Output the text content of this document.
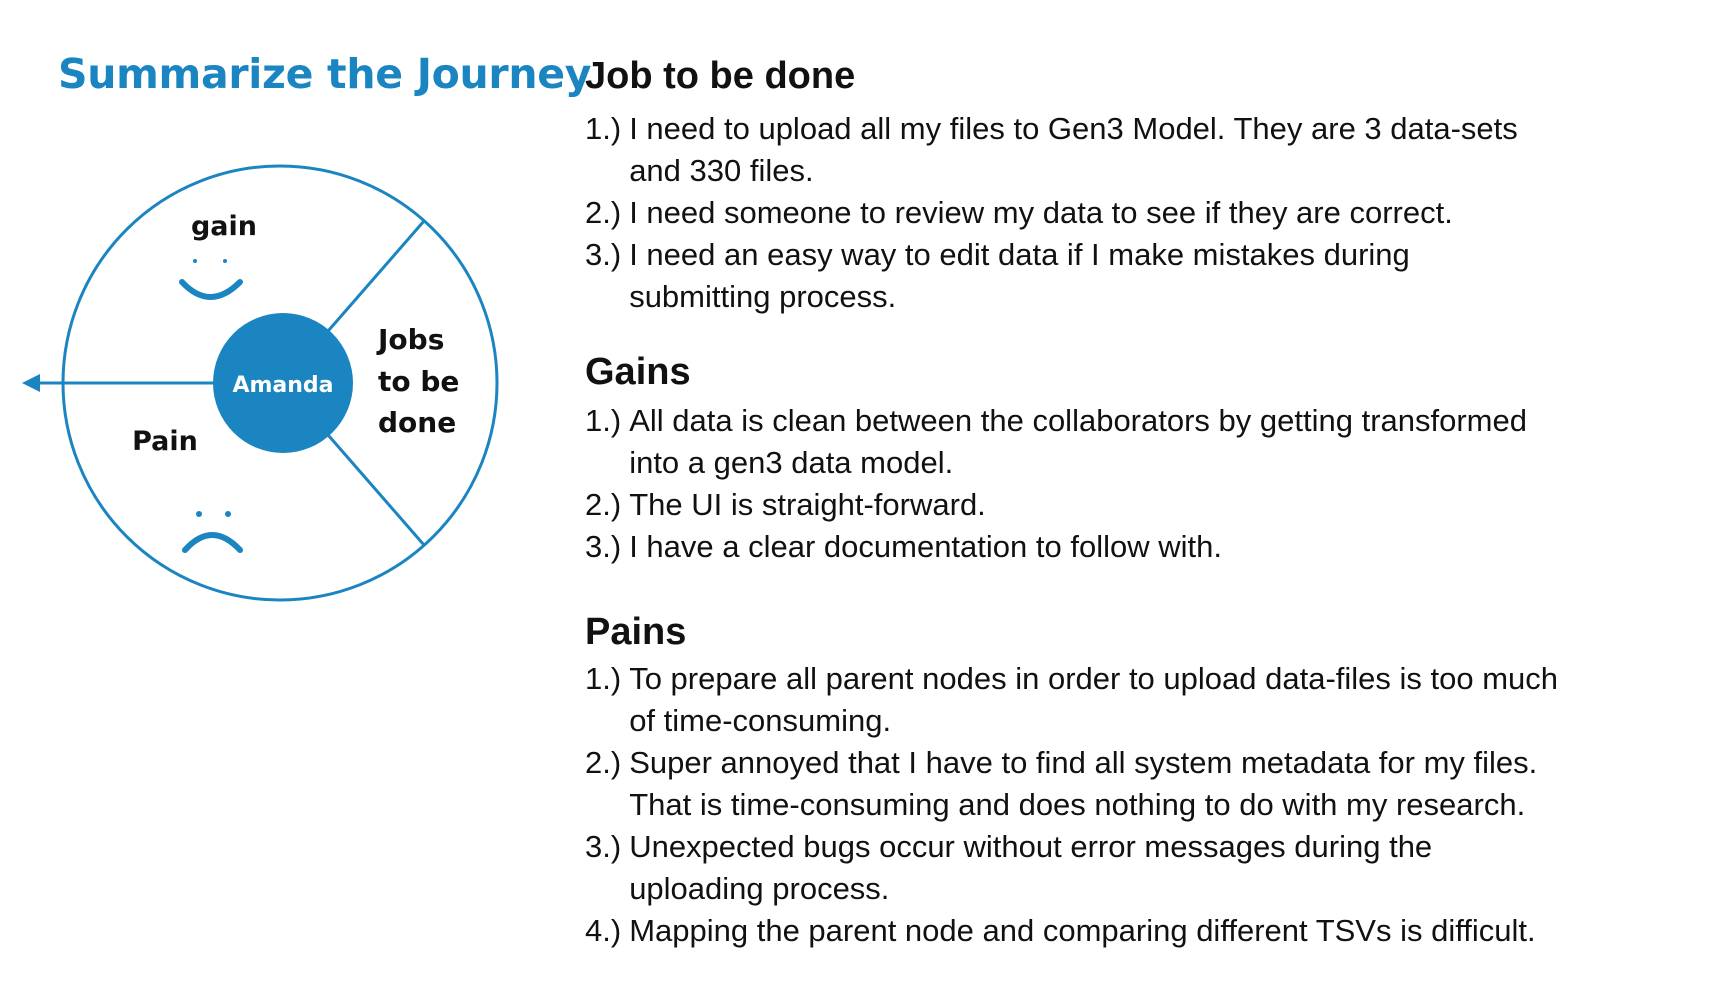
Summarize the Journey
Amanda
gain
Pain
Jobs to be done
Job to be done
1.) I need to upload all my files to Gen3 Model. They are 3 data-sets
and 330 files.
2.) I need someone to review my data to see if they are correct.
3.) I need an easy way to edit data if I make mistakes during
submitting process.
Gains
1.) All data is clean between the collaborators by getting transformed
into a gen3 data model.
2.) The UI is straight-forward.
3.) I have a clear documentation to follow with.
Pains
1.) To prepare all parent nodes in order to upload data-files is too much
of time-consuming.
2.) Super annoyed that I have to find all system metadata for my files.
That is time-consuming and does nothing to do with my research.
3.) Unexpected bugs occur without error messages during the
uploading process.
4.) Mapping the parent node and comparing different TSVs is difficult.
